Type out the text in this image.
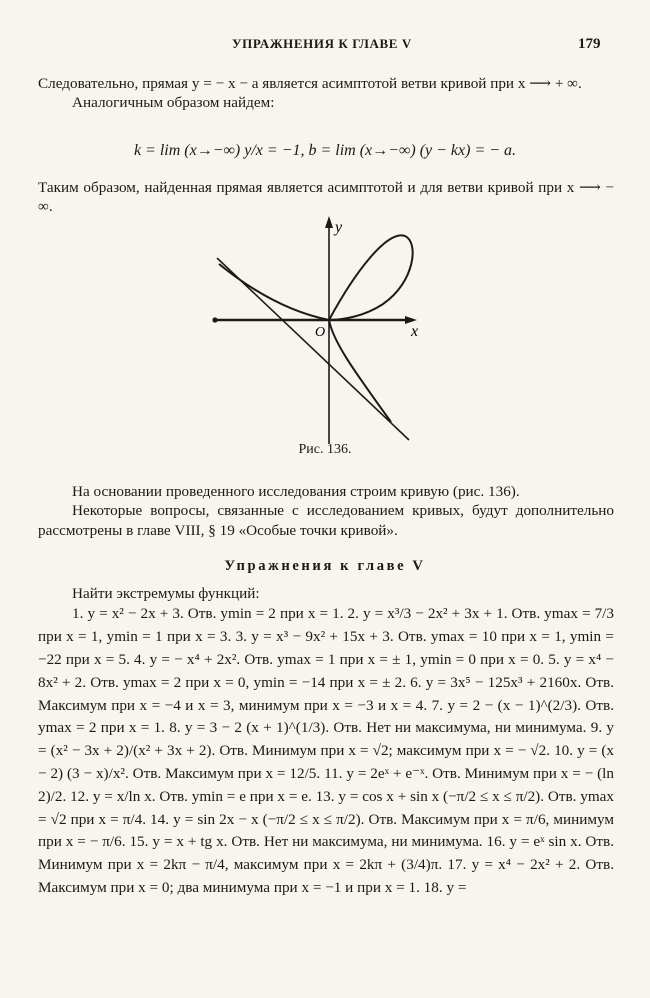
УПРАЖНЕНИЯ К ГЛАВЕ V	179

Следовательно, прямая y = − x − a является асимптотой ветви кривой при x ⟶ + ∞.

Аналогичным образом найдем:

k = lim (x→−∞) y/x = −1, b = lim (x→−∞) (y − kx) = − a.

Таким образом, найденная прямая является асимптотой и для ветви кривой при x ⟶ − ∞.

y
x
O
Рис. 136.

На основании проведенного исследования строим кривую (рис. 136).

Некоторые вопросы, связанные с исследованием кривых, будут дополнительно рассмотрены в главе VIII, § 19 «Особые точки кривой».

Упражнения к главе V

Найти экстремумы функций:

1. y = x² − 2x + 3. Отв. ymin = 2 при x = 1. 2. y = x³/3 − 2x² + 3x + 1. Отв. ymax = 7/3 при x = 1, ymin = 1 при x = 3. 3. y = x³ − 9x² + 15x + 3. Отв. ymax = 10 при x = 1, ymin = −22 при x = 5. 4. y = − x⁴ + 2x². Отв. ymax = 1 при x = ± 1, ymin = 0 при x = 0. 5. y = x⁴ − 8x² + 2. Отв. ymax = 2 при x = 0, ymin = −14 при x = ± 2. 6. y = 3x⁵ − 125x³ + 2160x. Отв. Максимум при x = −4 и x = 3, минимум при x = −3 и x = 4. 7. y = 2 − (x − 1)^(2/3). Отв. ymax = 2 при x = 1. 8. y = 3 − 2 (x + 1)^(1/3). Отв. Нет ни максимума, ни минимума. 9. y = (x² − 3x + 2)/(x² + 3x + 2). Отв. Минимум при x = √2; максимум при x = − √2. 10. y = (x − 2) (3 − x)/x². Отв. Максимум при x = 12/5. 11. y = 2eˣ + e⁻ˣ. Отв. Минимум при x = − (ln 2)/2. 12. y = x/ln x. Отв. ymin = e при x = e. 13. y = cos x + sin x (−π/2 ≤ x ≤ π/2). Отв. ymax = √2 при x = π/4. 14. y = sin 2x − x (−π/2 ≤ x ≤ π/2). Отв. Максимум при x = π/6, минимум при x = − π/6. 15. y = x + tg x. Отв. Нет ни максимума, ни минимума. 16. y = eˣ sin x. Отв. Минимум при x = 2kπ − π/4, максимум при x = 2kπ + (3/4)π. 17. y = x⁴ − 2x² + 2. Отв. Максимум при x = 0; два минимума при x = −1 и при x = 1. 18. y =
